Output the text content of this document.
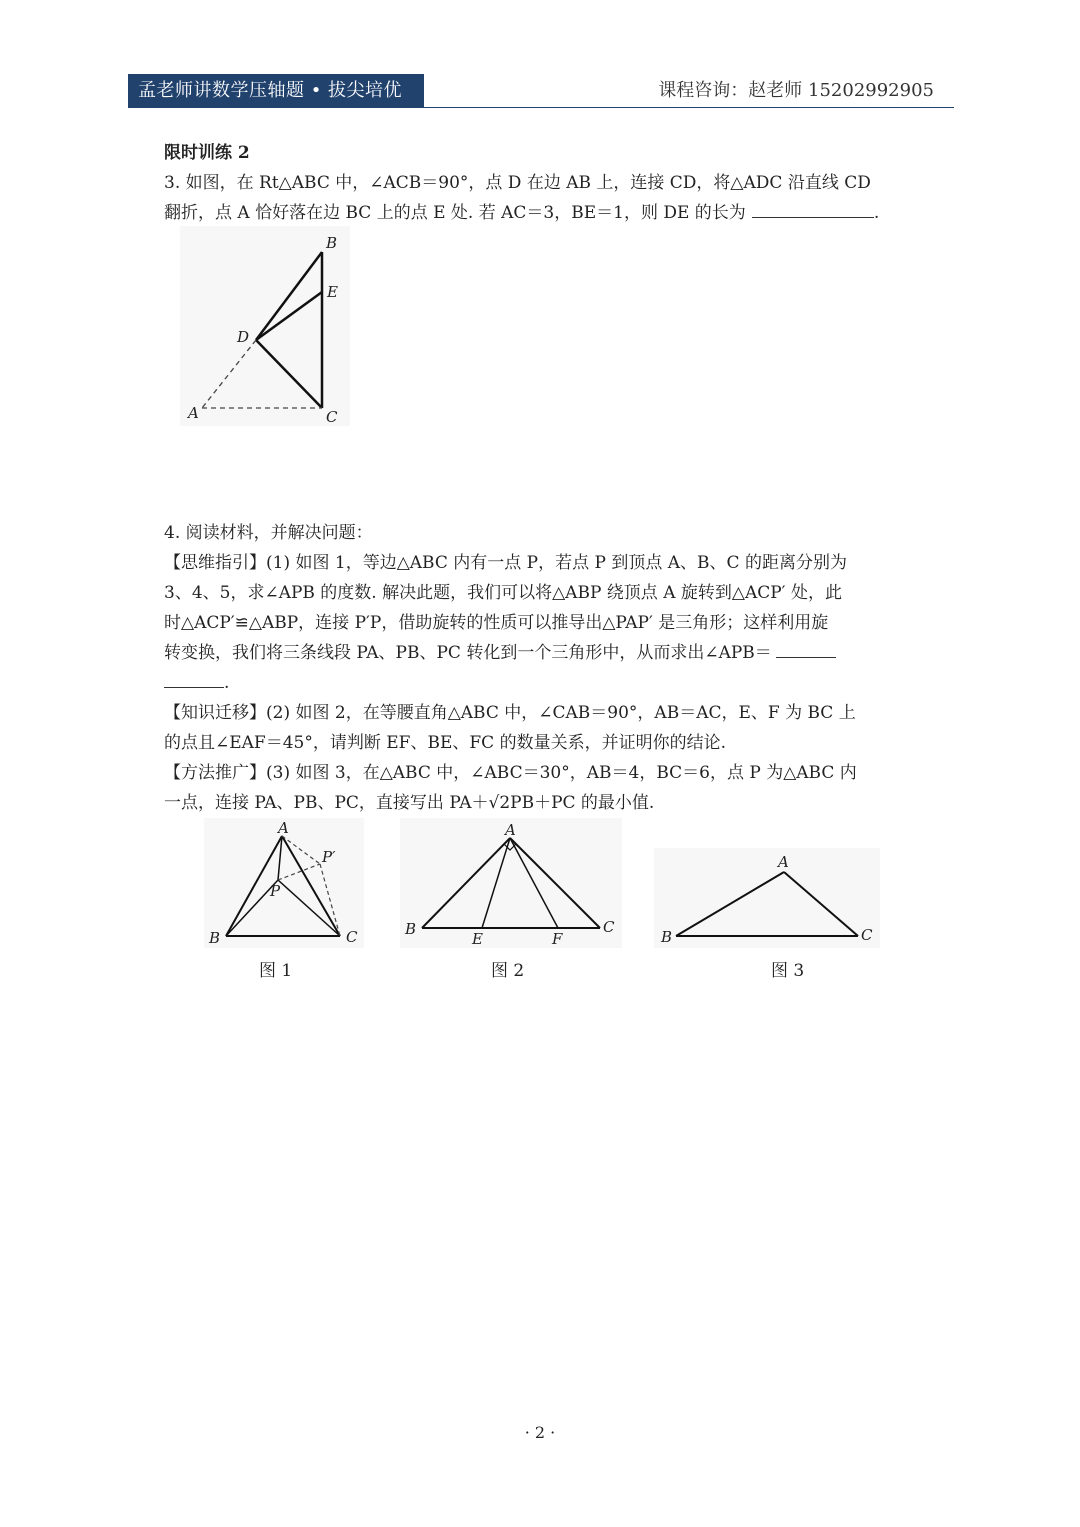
孟老师讲数学压轴题 • 拔尖培优	课程咨询：赵老师 15202992905
限时训练 2
3. 如图，在 Rt△ABC 中，∠ACB＝90°，点 D 在边 AB 上，连接 CD，将△ADC 沿直线 CD
翻折，点 A 恰好落在边 BC 上的点 E 处. 若 AC＝3，BE＝1，则 DE 的长为	.
B
E
D
A	C
4. 阅读材料，并解决问题：
【思维指引】(1) 如图 1，等边△ABC 内有一点 P，若点 P 到顶点 A、B、C 的距离分别为
3、4、5，求∠APB 的度数. 解决此题，我们可以将△ABP 绕顶点 A 旋转到△ACP′ 处，此
时△ACP′≌△ABP，连接 P′P，借助旋转的性质可以推导出△PAP′ 是三角形；这样利用旋
转变换，我们将三条线段 PA、PB、PC 转化到一个三角形中，从而求出∠APB＝
.
【知识迁移】(2) 如图 2，在等腰直角△ABC 中，∠CAB＝90°，AB＝AC，E、F 为 BC 上
的点且∠EAF＝45°，请判断 EF、BE、FC 的数量关系，并证明你的结论.
【方法推广】(3) 如图 3，在△ABC 中，∠ABC＝30°，AB＝4，BC＝6，点 P 为△ABC 内
一点，连接 PA、PB、PC，直接写出 PA＋√2PB＋PC 的最小值.
A
P′
P
B	C
图 1
A
B
E	F
C
图 2
A
B	C
图 3
· 2 ·
